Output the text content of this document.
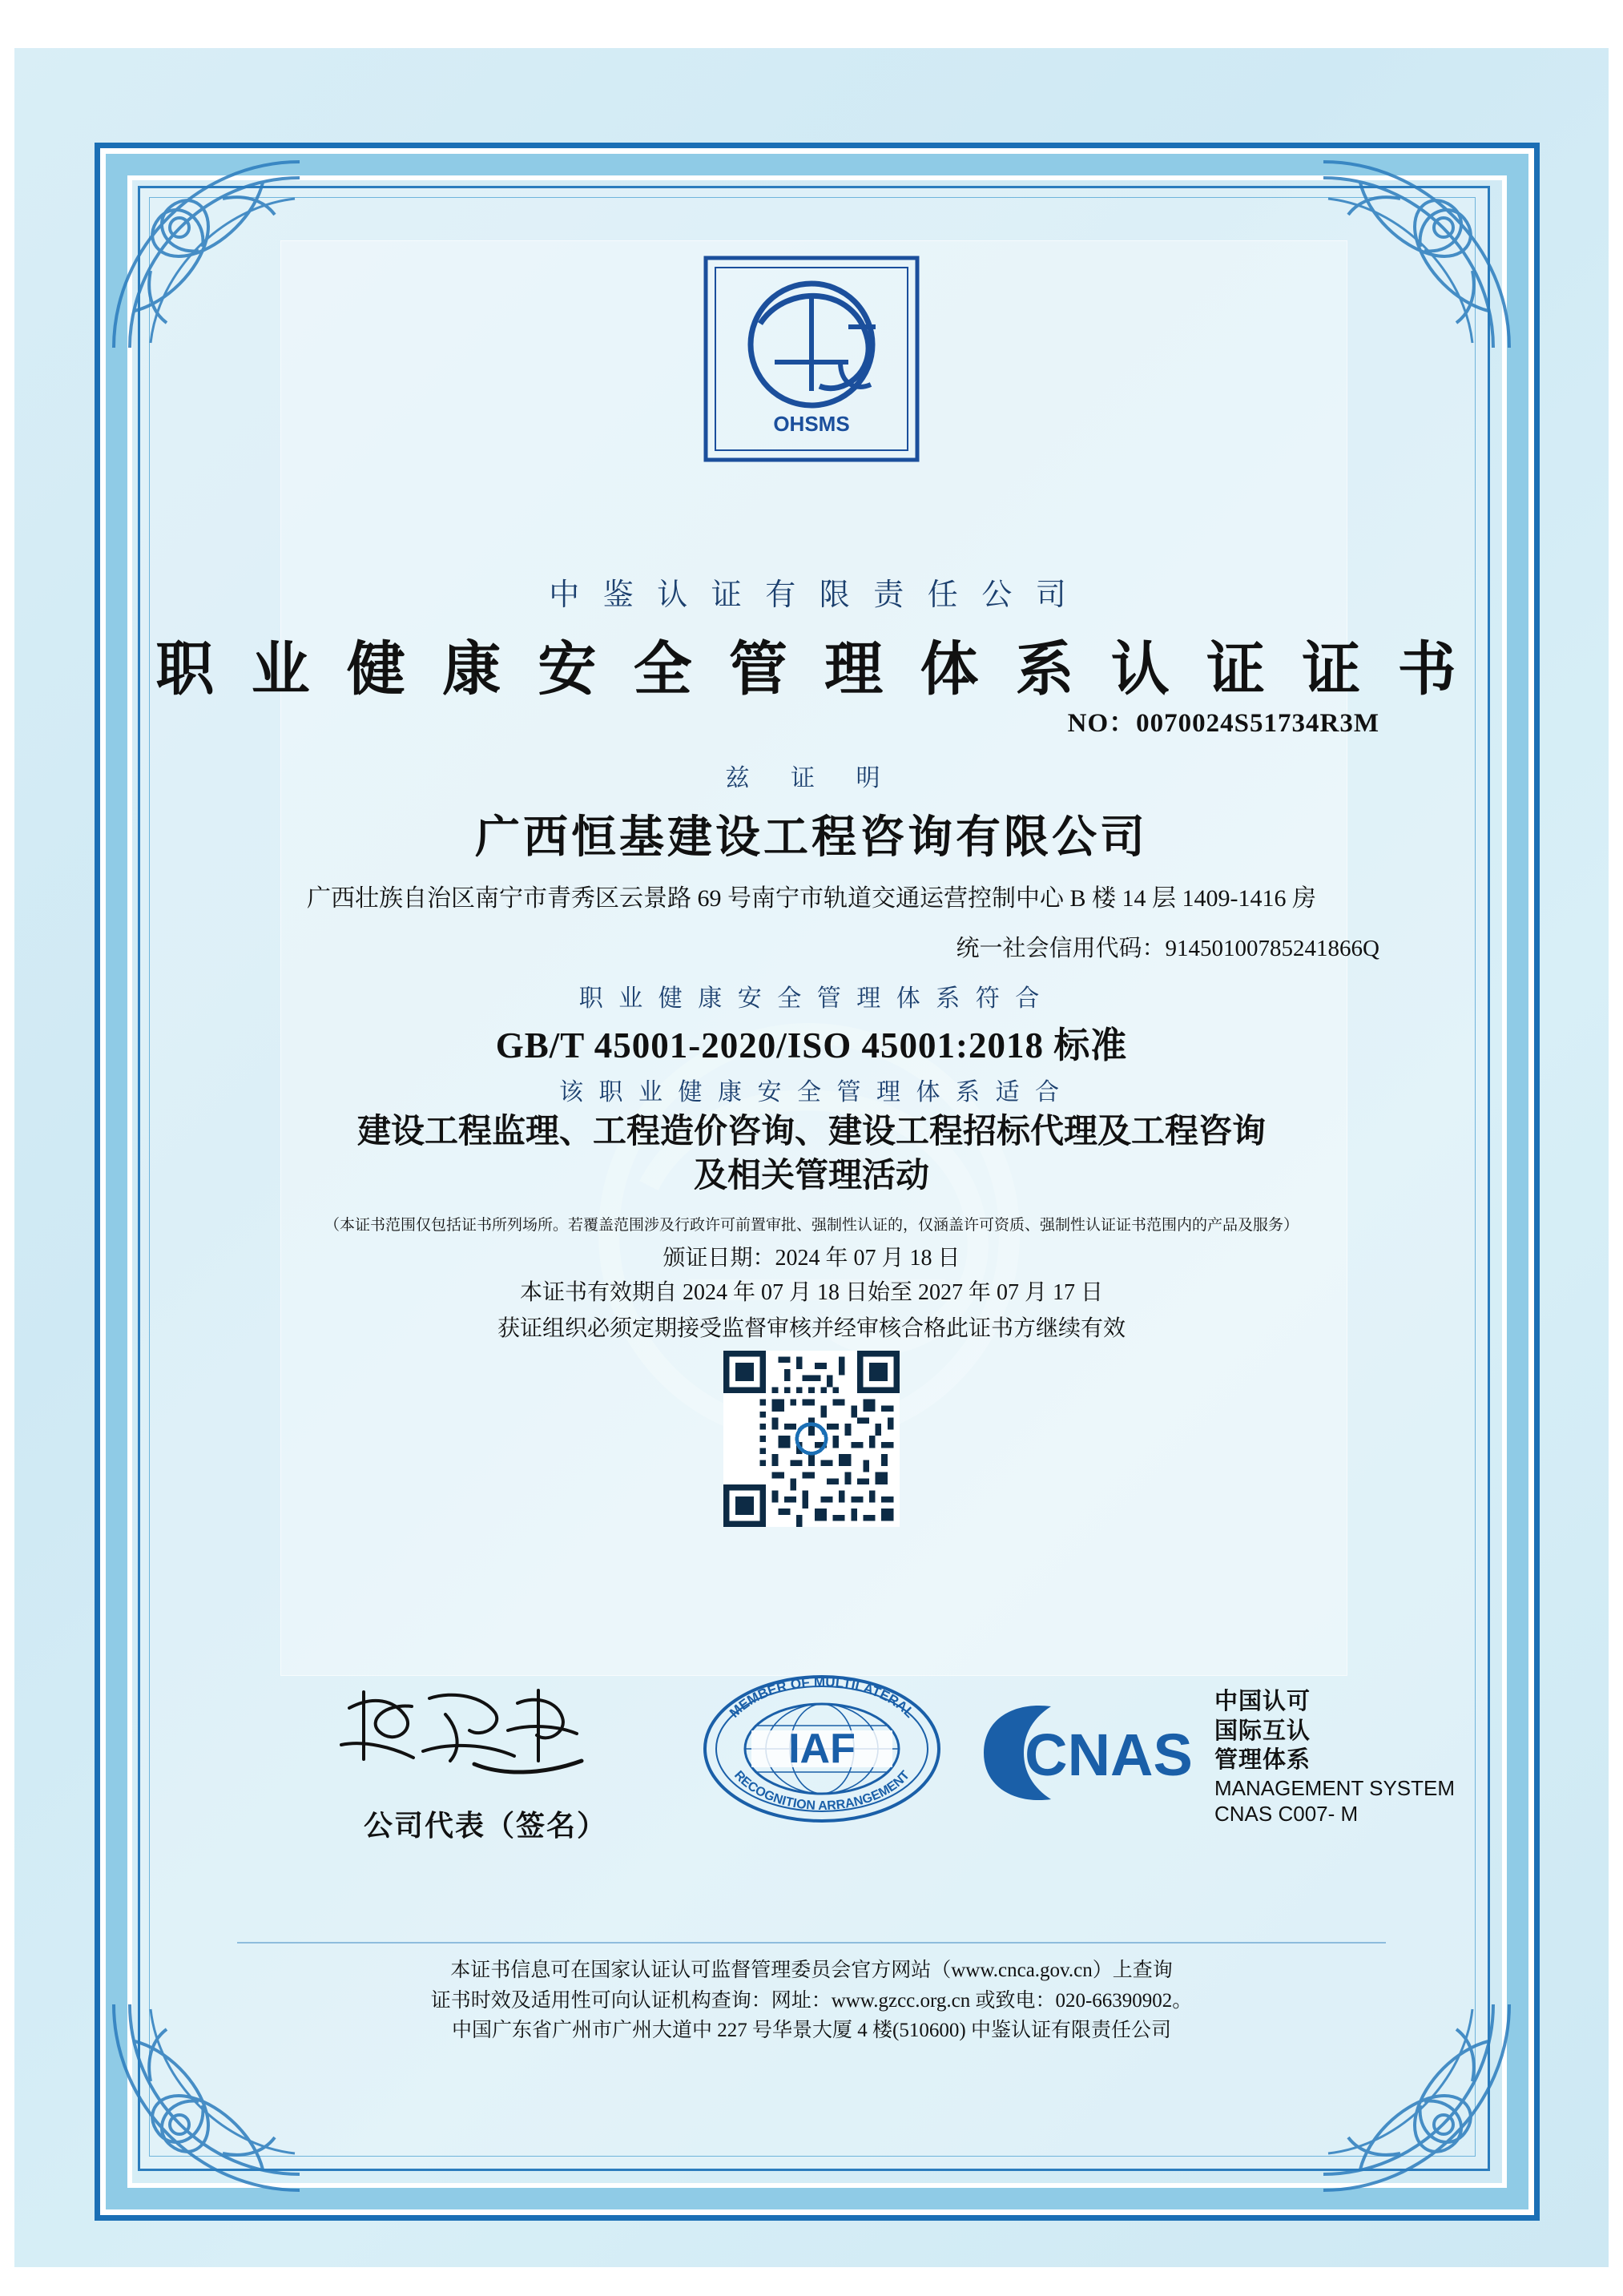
OHSMS
中 鉴 认 证 有 限 责 任 公 司
职 业 健 康 安 全 管 理 体 系 认 证 证 书
NO：0070024S51734R3M
兹 证 明
广西恒基建设工程咨询有限公司
广西壮族自治区南宁市青秀区云景路 69 号南宁市轨道交通运营控制中心 B 楼 14 层 1409-1416 房
统一社会信用代码：91450100785241866Q
职 业 健 康 安 全 管 理 体 系 符 合
GB/T 45001-2020/ISO 45001:2018 标准
该 职 业 健 康 安 全 管 理 体 系 适 合
建设工程监理、工程造价咨询、建设工程招标代理及工程咨询
及相关管理活动
（本证书范围仅包括证书所列场所。若覆盖范围涉及行政许可前置审批、强制性认证的，仅涵盖许可资质、强制性认证证书范围内的产品及服务）
颁证日期：2024 年 07 月 18 日
本证书有效期自 2024 年 07 月 18 日始至 2027 年 07 月 17 日
获证组织必须定期接受监督审核并经审核合格此证书方继续有效
公司代表（签名）
IAF
MEMBER OF MULTILATERAL
RECOGNITION ARRANGEMENT CNAS
中国认可
国际互认
管理体系
MANAGEMENT SYSTEM
CNAS C007- M
本证书信息可在国家认证认可监督管理委员会官方网站（www.cnca.gov.cn）上查询
证书时效及适用性可向认证机构查询：网址：www.gzcc.org.cn 或致电：020-66390902。
中国广东省广州市广州大道中 227 号华景大厦 4 楼(510600) 中鉴认证有限责任公司
